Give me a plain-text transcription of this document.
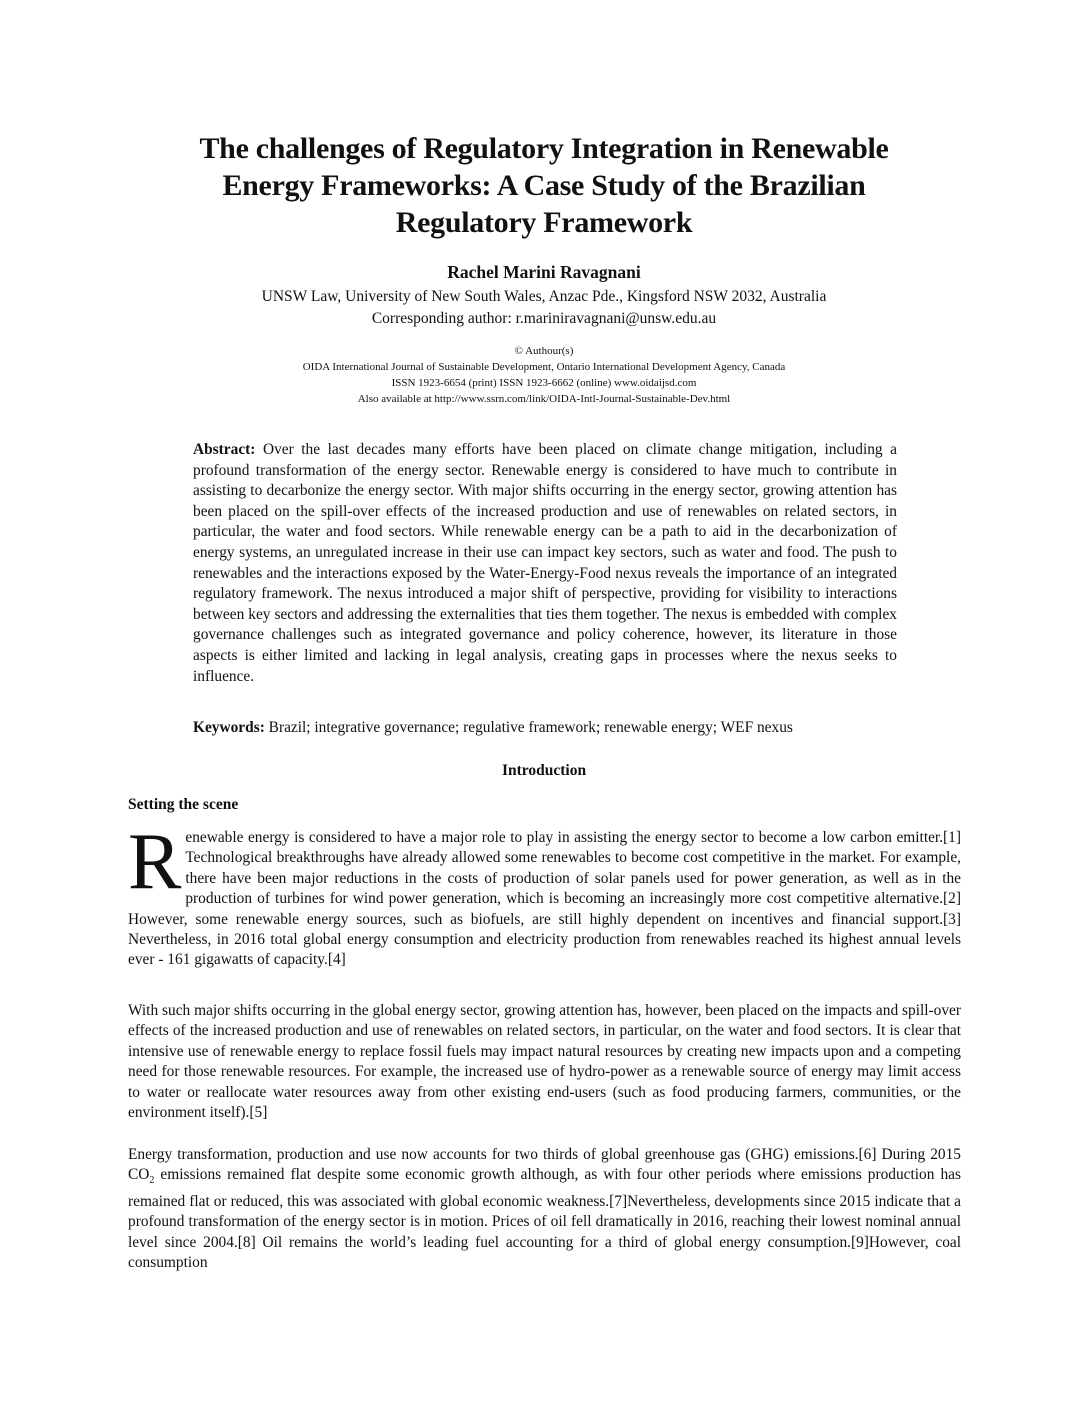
The challenges of Regulatory Integration in Renewable
Energy Frameworks: A Case Study of the Brazilian
Regulatory Framework
Rachel Marini Ravagnani
UNSW Law, University of New South Wales, Anzac Pde., Kingsford NSW 2032, Australia
Corresponding author: r.mariniravagnani@unsw.edu.au
© Authour(s)
OIDA International Journal of Sustainable Development, Ontario International Development Agency, Canada
ISSN 1923-6654 (print) ISSN 1923-6662 (online) www.oidaijsd.com
Also available at http://www.ssrn.com/link/OIDA-Intl-Journal-Sustainable-Dev.html
Abstract: Over the last decades many efforts have been placed on climate change mitigation, including a profound transformation of the energy sector. Renewable energy is considered to have much to contribute in assisting to decarbonize the energy sector. With major shifts occurring in the energy sector, growing attention has been placed on the spill-over effects of the increased production and use of renewables on related sectors, in particular, the water and food sectors. While renewable energy can be a path to aid in the decarbonization of energy systems, an unregulated increase in their use can impact key sectors, such as water and food. The push to renewables and the interactions exposed by the Water-Energy-Food nexus reveals the importance of an integrated regulatory framework. The nexus introduced a major shift of perspective, providing for visibility to interactions between key sectors and addressing the externalities that ties them together. The nexus is embedded with complex governance challenges such as integrated governance and policy coherence, however, its literature in those aspects is either limited and lacking in legal analysis, creating gaps in processes where the nexus seeks to influence.
Keywords: Brazil; integrative governance; regulative framework; renewable energy; WEF nexus
Introduction
Setting the scene

Renewable energy is considered to have a major role to play in assisting the energy sector to become a low carbon emitter.[1] Technological breakthroughs have already allowed some renewables to become cost competitive in the market. For example, there have been major reductions in the costs of production of solar panels used for power generation, as well as in the production of turbines for wind power generation, which is becoming an increasingly more cost competitive alternative.[2] However, some renewable energy sources, such as biofuels, are still highly dependent on incentives and financial support.[3] Nevertheless, in 2016 total global energy consumption and electricity production from renewables reached its highest annual levels ever - 161 gigawatts of capacity.[4]

With such major shifts occurring in the global energy sector, growing attention has, however, been placed on the impacts and spill-over effects of the increased production and use of renewables on related sectors, in particular, on the water and food sectors. It is clear that intensive use of renewable energy to replace fossil fuels may impact natural resources by creating new impacts upon and a competing need for those renewable resources. For example, the increased use of hydro-power as a renewable source of energy may limit access to water or reallocate water resources away from other existing end-users (such as food producing farmers, communities, or the environment itself).[5]

Energy transformation, production and use now accounts for two thirds of global greenhouse gas (GHG) emissions.[6] During 2015 $CO_2$ emissions remained flat despite some economic growth although, as with four other periods where emissions production has remained flat or reduced, this was associated with global economic weakness.[7]Nevertheless, developments since 2015 indicate that a profound transformation of the energy sector is in motion. Prices of oil fell dramatically in 2016, reaching their lowest nominal annual level since 2004.[8] Oil remains the world’s leading fuel accounting for a third of global energy consumption.[9]However, coal consumption
